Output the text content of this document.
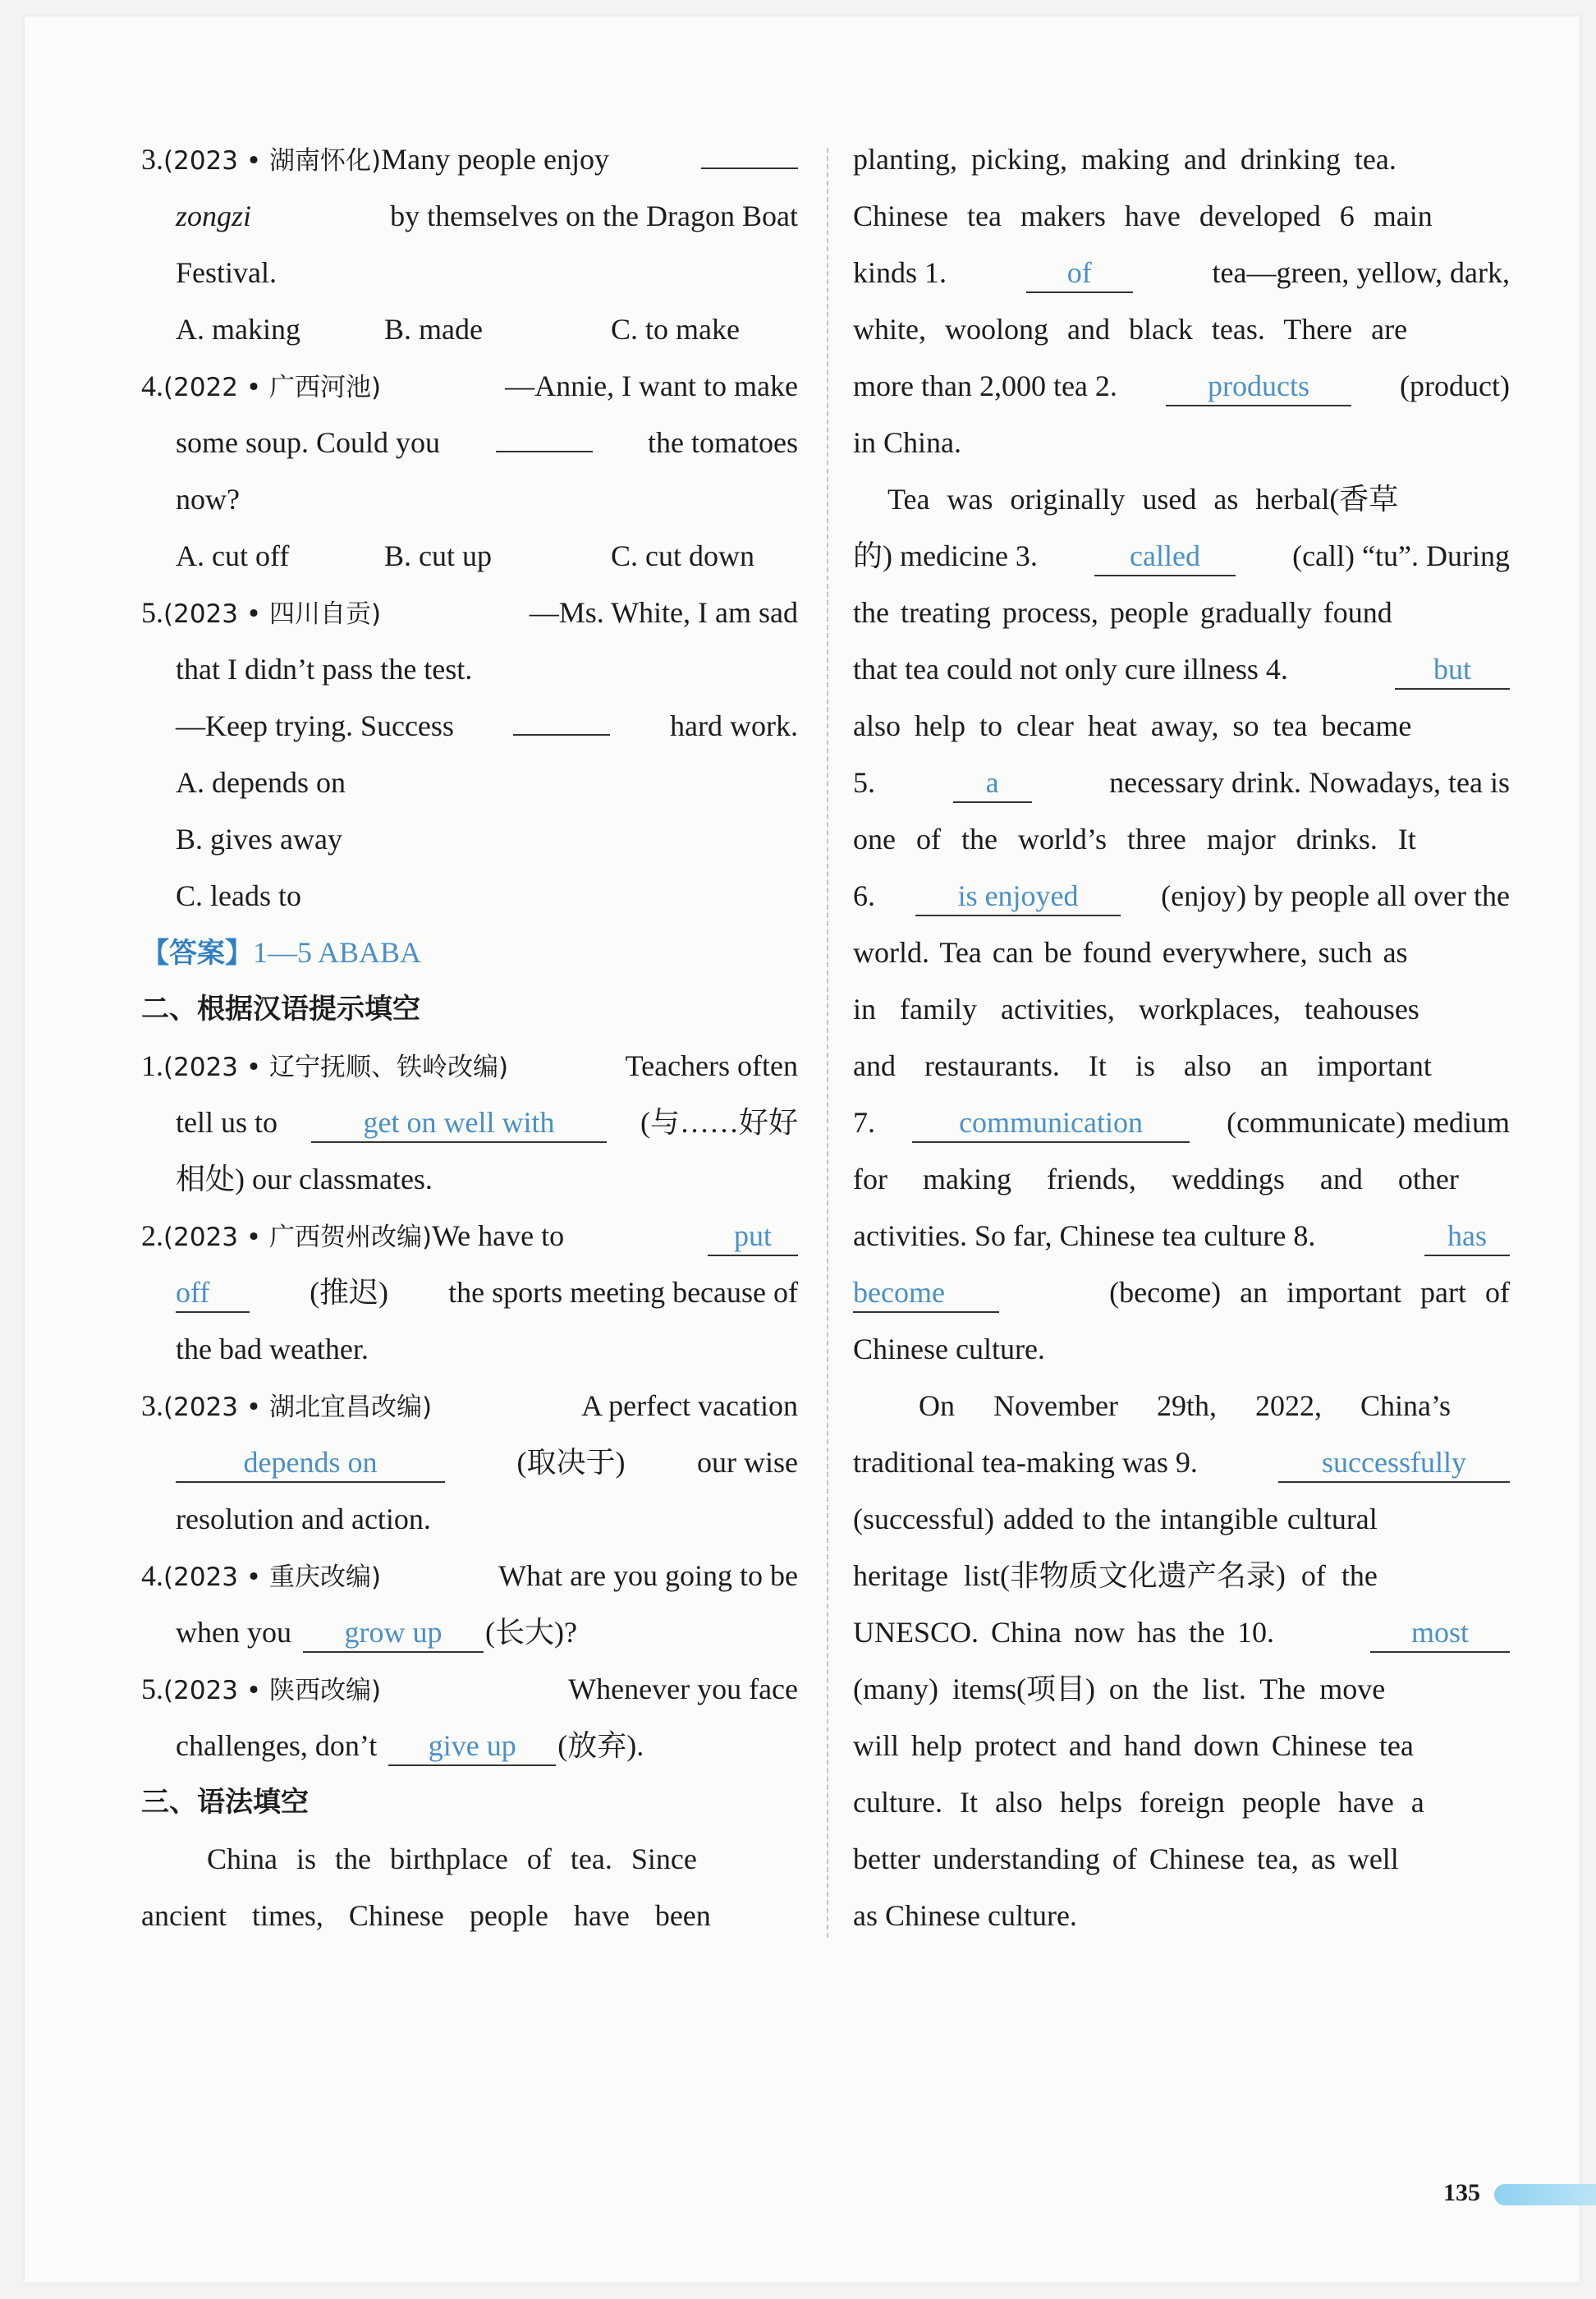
3.(2023 • 湖南怀化)Many people enjoy
zongzi	by themselves on the Dragon Boat
Festival.
A. making	B. made	C. to make
4.(2022 • 广西河池)	—Annie, I want to make
some soup. Could you	the tomatoes
now?
A. cut off	B. cut up	C. cut down
5.(2023 • 四川自贡)	—Ms. White, I am sad
that I didn’t pass the test.
—Keep trying. Success	hard work.
A. depends on
B. gives away
C. leads to
【答案】 1—5 ABABA
二、根据汉语提示填空
1.(2023 • 辽宁抚顺、铁岭改编)	Teachers often
tell us to	get on well with	(与……好好
相处) our classmates.
2.(2023 • 广西贺州改编)We have to	put
off	(推迟) the sports meeting because of
the bad weather.
3.(2023 • 湖北宜昌改编)	A perfect vacation
depends on	(取决于) our wise
resolution and action.
4.(2023 • 重庆改编)	What are you going to be
when you	grow up	(长大)?
5.(2023 • 陕西改编)	Whenever you face
challenges, don’t	give up	(放弃).
三、语法填空
China is the birthplace of tea. Since
ancient times, Chinese people have been
planting, picking, making and drinking tea.
Chinese tea makers have developed 6 main
kinds 1.	of	tea—green, yellow, dark,
white, woolong and black teas. There are
more than 2,000 tea 2.	products	(product)
in China.
Tea was originally used as herbal(香草
的) medicine 3.	called	(call) “tu”. During
the treating process, people gradually found
that tea could not only cure illness 4.	but
also help to clear heat away, so tea became
5.	a	necessary drink. Nowadays, tea is
one of the world’s three major drinks. It
6.	is enjoyed	(enjoy) by people all over the
world. Tea can be found everywhere, such as
in family activities, workplaces, teahouses
and restaurants. It is also an important
7.	communication	(communicate) medium
for making friends, weddings and other
activities. So far, Chinese tea culture 8.	has
become	(become) an important part of
Chinese culture.
On November 29th, 2022, China’s
traditional tea-making was 9.	successfully
(successful) added to the intangible cultural
heritage list(非物质文化遗产名录) of the
UNESCO. China now has the 10.	most
(many) items(项目) on the list. The move
will help protect and hand down Chinese tea
culture. It also helps foreign people have a
better understanding of Chinese tea, as well
as Chinese culture.
135
